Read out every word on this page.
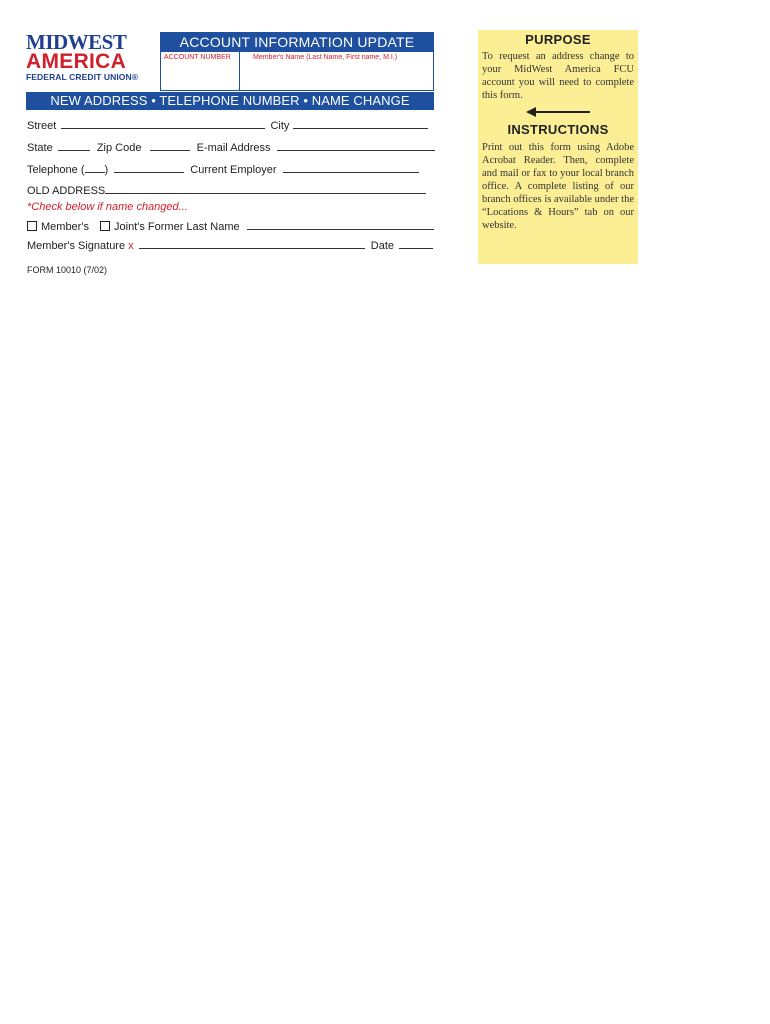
MIDWEST
AMERICA
FEDERAL CREDIT UNION®
ACCOUNT INFORMATION UPDATE
ACCOUNT NUMBER	Member's Name (Last Name, First name, M.I.)
NEW ADDRESS • TELEPHONE NUMBER • NAME CHANGE
Street	City
State	Zip Code	E-mail Address
Telephone ( )	Current Employer
OLD ADDRESS
*Check below if name changed...
Member's Joint's Former Last Name
Member's Signature x	Date
FORM 10010 (7/02)
PURPOSE
To request an address change to your MidWest America FCU account you will need to complete this form.
INSTRUCTIONS
Print out this form using Adobe Acrobat Reader. Then, complete and mail or fax to your local branch office. A complete listing of our branch offices is available under the “Locations & Hours” tab on our website.
